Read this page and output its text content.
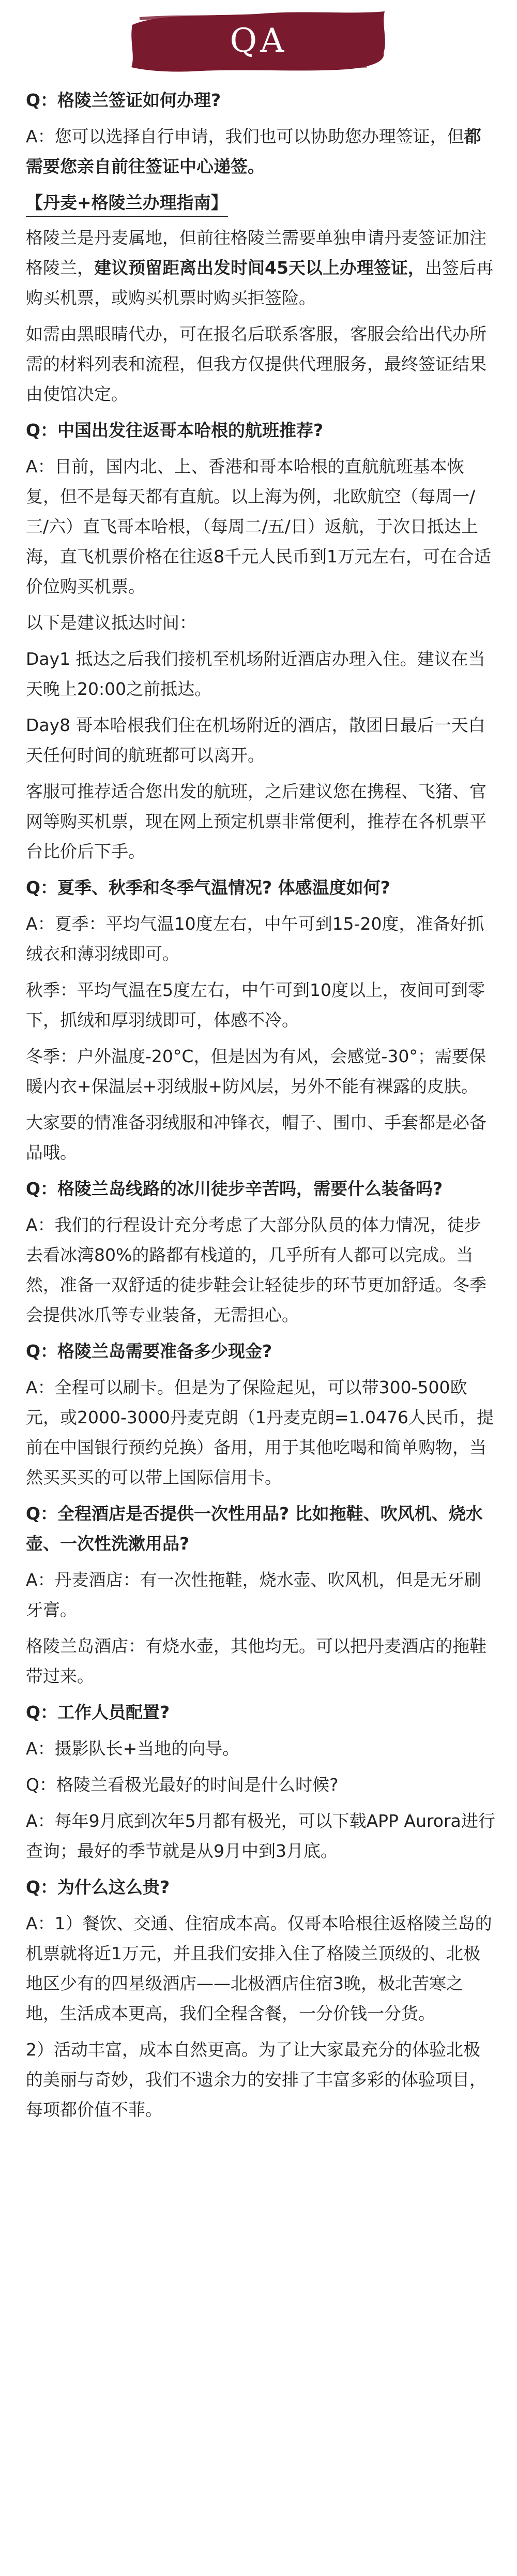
QA

Q：格陵兰签证如何办理?

A：您可以选择自行申请，我们也可以协助您办理签证，但都需要您亲自前往签证中心递签。

【丹麦+格陵兰办理指南】

格陵兰是丹麦属地，但前往格陵兰需要单独申请丹麦签证加注格陵兰，建议预留距离出发时间45天以上办理签证，出签后再购买机票，或购买机票时购买拒签险。

如需由黑眼睛代办，可在报名后联系客服，客服会给出代办所需的材料列表和流程，但我方仅提供代理服务，最终签证结果由使馆决定。

Q：中国出发往返哥本哈根的航班推荐?

A：目前，国内北、上、香港和哥本哈根的直航航班基本恢复，但不是每天都有直航。以上海为例，北欧航空（每周一/三/六）直飞哥本哈根，（每周二/五/日）返航，于次日抵达上海，直飞机票价格在往返8千元人民币到1万元左右，可在合适价位购买机票。

以下是建议抵达时间：

Day1 抵达之后我们接机至机场附近酒店办理入住。建议在当天晚上20:00之前抵达。

Day8 哥本哈根我们住在机场附近的酒店，散团日最后一天白天任何时间的航班都可以离开。

客服可推荐适合您出发的航班，之后建议您在携程、飞猪、官网等购买机票，现在网上预定机票非常便利，推荐在各机票平台比价后下手。

Q：夏季、秋季和冬季气温情况? 体感温度如何?

A：夏季：平均气温10度左右，中午可到15-20度，准备好抓绒衣和薄羽绒即可。

秋季：平均气温在5度左右，中午可到10度以上，夜间可到零下，抓绒和厚羽绒即可，体感不冷。

冬季：户外温度-20°C，但是因为有风，会感觉-30°；需要保暖内衣+保温层+羽绒服+防风层，另外不能有裸露的皮肤。

大家要的情准备羽绒服和冲锋衣，帽子、围巾、手套都是必备品哦。

Q：格陵兰岛线路的冰川徒步辛苦吗，需要什么装备吗?

A：我们的行程设计充分考虑了大部分队员的体力情况，徒步去看冰湾80%的路都有栈道的，几乎所有人都可以完成。当然，准备一双舒适的徒步鞋会让轻徒步的环节更加舒适。冬季会提供冰爪等专业装备，无需担心。

Q：格陵兰岛需要准备多少现金?

A：全程可以刷卡。但是为了保险起见，可以带300-500欧元，或2000-3000丹麦克朗（1丹麦克朗=1.0476人民币，提前在中国银行预约兑换）备用，用于其他吃喝和简单购物，当然买买买的可以带上国际信用卡。

Q：全程酒店是否提供一次性用品? 比如拖鞋、吹风机、烧水壶、一次性洗漱用品?

A：丹麦酒店：有一次性拖鞋，烧水壶、吹风机，但是无牙刷牙膏。

格陵兰岛酒店：有烧水壶，其他均无。可以把丹麦酒店的拖鞋带过来。

Q：工作人员配置?

A：摄影队长+当地的向导。

Q：格陵兰看极光最好的时间是什么时候?

A：每年9月底到次年5月都有极光，可以下载APP Aurora进行查询；最好的季节就是从9月中到3月底。

Q：为什么这么贵?

A：1）餐饮、交通、住宿成本高。仅哥本哈根往返格陵兰岛的机票就将近1万元，并且我们安排入住了格陵兰顶级的、北极地区少有的四星级酒店——北极酒店住宿3晚，极北苦寒之地，生活成本更高，我们全程含餐，一分价钱一分货。

2）活动丰富，成本自然更高。为了让大家最充分的体验北极的美丽与奇妙，我们不遗余力的安排了丰富多彩的体验项目，每项都价值不菲。
